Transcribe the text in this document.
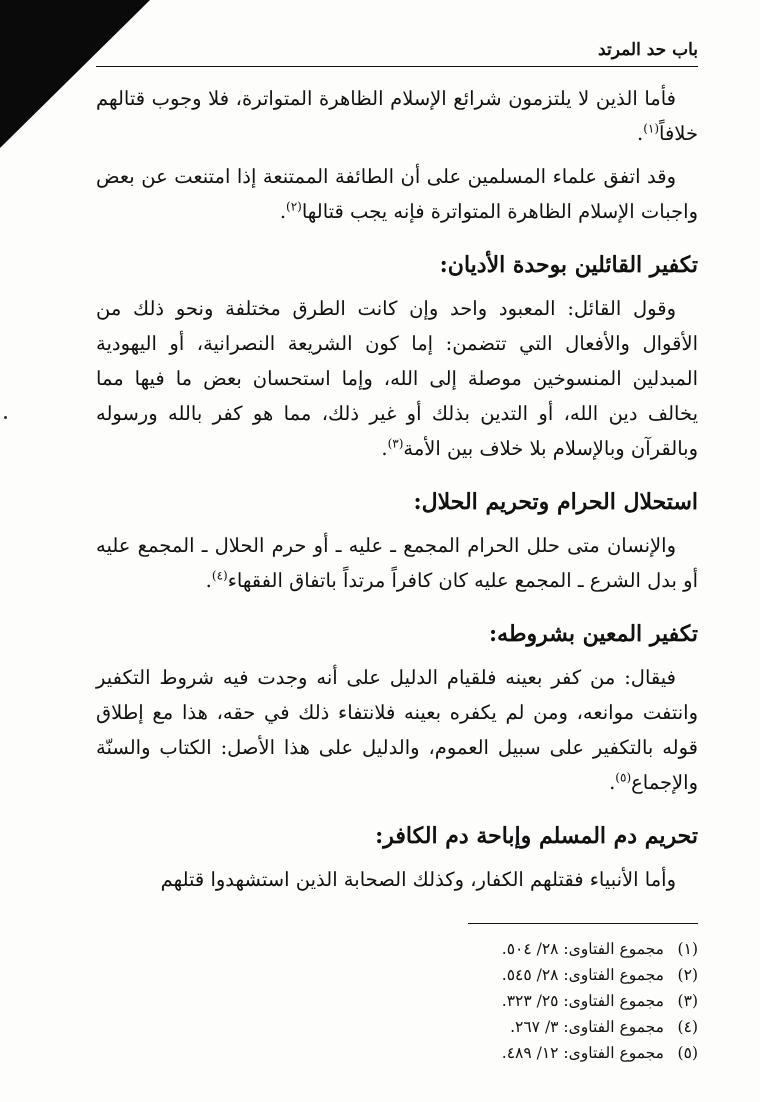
باب حد المرتد

فأما الذين لا يلتزمون شرائع الإسلام الظاهرة المتواترة، فلا وجوب قتالهم خلافاً$^{(١)}$.

وقد اتفق علماء المسلمين على أن الطائفة الممتنعة إذا امتنعت عن بعض واجبات الإسلام الظاهرة المتواترة فإنه يجب قتالها$^{(٢)}$.

تكفير القائلين بوحدة الأديان:

وقول القائل: المعبود واحد وإن كانت الطرق مختلفة ونحو ذلك من الأقوال والأفعال التي تتضمن: إما كون الشريعة النصرانية، أو اليهودية المبدلين المنسوخين موصلة إلى الله، وإما استحسان بعض ما فيها مما يخالف دين الله، أو التدين بذلك أو غير ذلك، مما هو كفر بالله ورسوله وبالقرآن وبالإسلام بلا خلاف بين الأمة$^{(٣)}$.

استحلال الحرام وتحريم الحلال:

والإنسان متى حلل الحرام المجمع ـ عليه ـ أو حرم الحلال ـ المجمع عليه أو بدل الشرع ـ المجمع عليه كان كافراً مرتداً باتفاق الفقهاء$^{(٤)}$.

تكفير المعين بشروطه:

فيقال: من كفر بعينه فلقيام الدليل على أنه وجدت فيه شروط التكفير وانتفت موانعه، ومن لم يكفره بعينه فلانتفاء ذلك في حقه، هذا مع إطلاق قوله بالتكفير على سبيل العموم، والدليل على هذا الأصل: الكتاب والسنّة والإجماع$^{(٥)}$.

تحريم دم المسلم وإباحة دم الكافر:

وأما الأنبياء فقتلهم الكفار، وكذلك الصحابة الذين استشهدوا قتلهم

(١)مجموع الفتاوى: ٢٨/ ٥٠٤.
(٢)مجموع الفتاوى: ٢٨/ ٥٤٥.
(٣)مجموع الفتاوى: ٢٥/ ٣٢٣.
(٤)مجموع الفتاوى: ٣/ ٢٦٧.
(٥)مجموع الفتاوى: ١٢/ ٤٨٩.
